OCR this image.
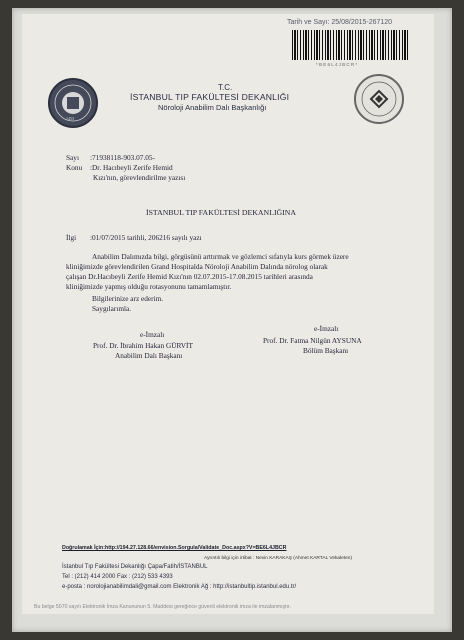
Tarih ve Sayı: 25/08/2015-267120
* B E 6 L 4 J B C R *
1453
T.C.
İSTANBUL TIP FAKÜLTESİ DEKANLIĞI
Nöroloji Anabilim Dalı Başkanlığı
Sayı :71938118-903.07.05-
Konu :Dr. Hacıbeyli Zerife Hemid
Kızı'nın, görevlendirilme yazısı
İSTANBUL TIP FAKÜLTESİ DEKANLIĞINA
İlgi :01/07/2015 tarihli, 206216 sayılı yazı
Anabilim Dalımızda bilgi, görgüsünü arttırmak ve gözlemci sıfatıyla kurs görmek üzere
kliniğimizde görevlendirilen Grand Hospitalda Nöroloji Anabilim Dalında nörolog olarak
çalışan Dr.Hacıbeyli Zerife Hemid Kızı'nın 02.07.2015-17.08.2015 tarihleri arasında
kliniğimizde yapmış olduğu rotasyonunu tamamlamıştır.
Bilgilerinize arz ederim.
Saygılarımla.
e-İmzalı
Prof. Dr. İbrahim Hakan GÜRVİT
Anabilim Dalı Başkanı
e-İmzalı
Prof. Dr. Fatma Nilgün AYSUNA
Bölüm Başkanı
Doğrulamak İçin:http://194.27.128.66/envision.Sorgula/Validate_Doc.aspx?V=BE6L4JBCR
Ayrıntılı bilgi için irtibat : Nevin KARAKAŞ (Ahmet KARTAL Vekaleten)
İstanbul Tıp Fakültesi Dekanlığı Çapa/Fatih/İSTANBUL
Tel : (212) 414 2000 Fax : (212) 533 4393
e-posta : norolojianabilimdali@gmail.com Elektronik Ağ : http://istanbultip.istanbul.edu.tr/
Bu belge 5070 sayılı Elektronik İmza Kanununun 5. Maddesi gereğince güvenli elektronik imza ile imzalanmıştır.
